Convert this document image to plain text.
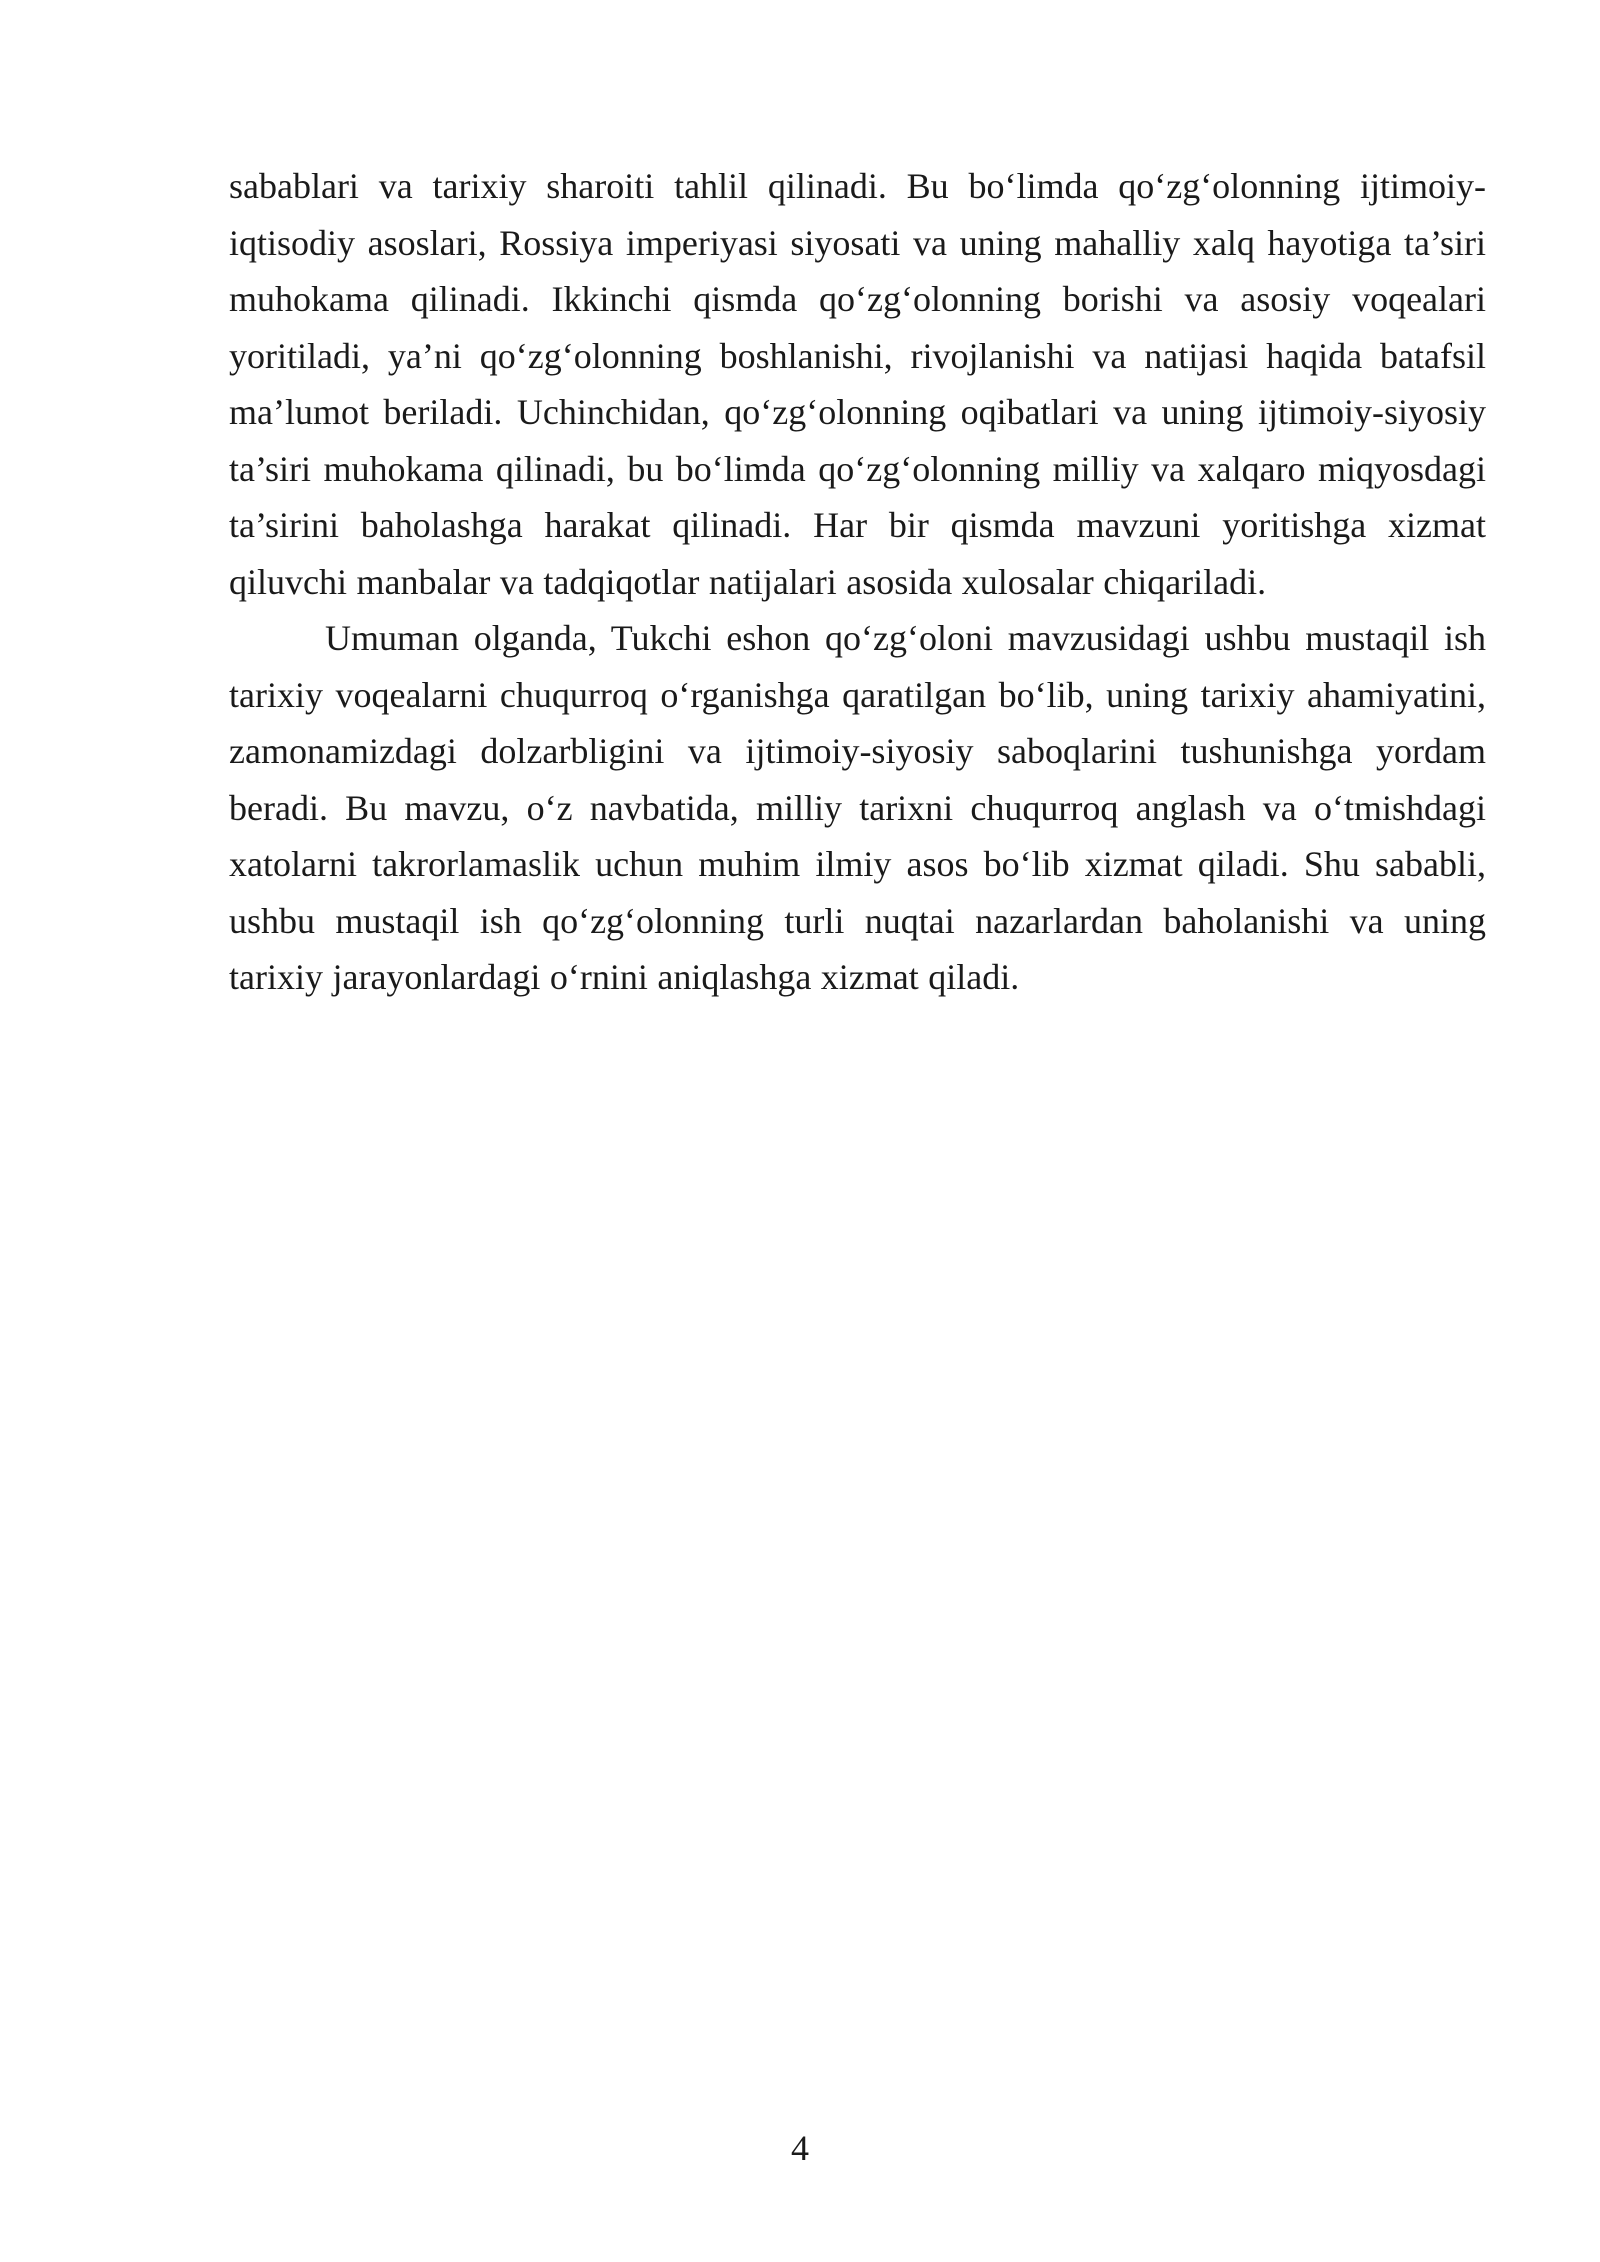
sabablari va tarixiy sharoiti tahlil qilinadi. Bu bo‘limda qo‘zg‘olonning ijtimoiy-iqtisodiy asoslari, Rossiya imperiyasi siyosati va uning mahalliy xalq hayotiga ta’siri muhokama qilinadi. Ikkinchi qismda qo‘zg‘olonning borishi va asosiy voqealari yoritiladi, ya’ni qo‘zg‘olonning boshlanishi, rivojlanishi va natijasi haqida batafsil ma’lumot beriladi. Uchinchidan, qo‘zg‘olonning oqibatlari va uning ijtimoiy-siyosiy ta’siri muhokama qilinadi, bu bo‘limda qo‘zg‘olonning milliy va xalqaro miqyosdagi ta’sirini baholashga harakat qilinadi. Har bir qismda mavzuni yoritishga xizmat qiluvchi manbalar va tadqiqotlar natijalari asosida xulosalar chiqariladi.

Umuman olganda, Tukchi eshon qo‘zg‘oloni mavzusidagi ushbu mustaqil ish tarixiy voqealarni chuqurroq o‘rganishga qaratilgan bo‘lib, uning tarixiy ahamiyatini, zamonamizdagi dolzarbligini va ijtimoiy-siyosiy saboqlarini tushunishga yordam beradi. Bu mavzu, o‘z navbatida, milliy tarixni chuqurroq anglash va o‘tmishdagi xatolarni takrorlamaslik uchun muhim ilmiy asos bo‘lib xizmat qiladi. Shu sababli, ushbu mustaqil ish qo‘zg‘olonning turli nuqtai nazarlardan baholanishi va uning tarixiy jarayonlardagi o‘rnini aniqlashga xizmat qiladi.

4
